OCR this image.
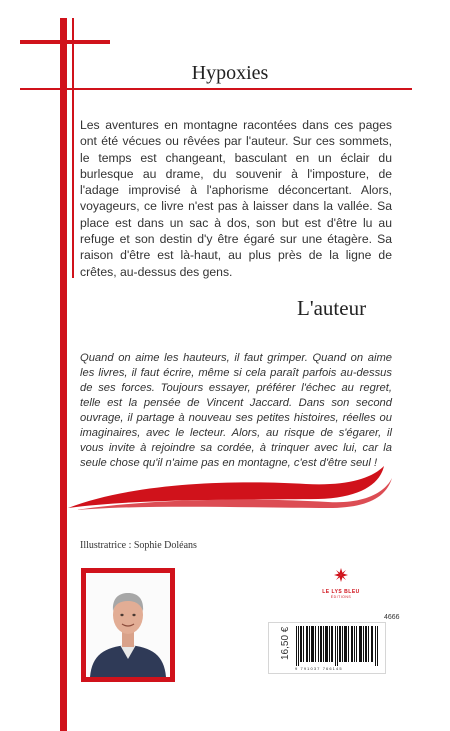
Hypoxies
Les aventures en montagne racontées dans ces pages ont été vécues ou rêvées par l'auteur. Sur ces sommets, le temps est changeant, basculant en un éclair du burlesque au drame, du souvenir à l'imposture, de l'adage improvisé à l'aphorisme déconcertant. Alors, voyageurs, ce livre n'est pas à laisser dans la vallée. Sa place est dans un sac à dos, son but est d'être lu au refuge et son destin d'y être égaré sur une étagère. Sa raison d'être est là-haut, au plus près de la ligne de crêtes, au-dessus des gens.
L'auteur
Quand on aime les hauteurs, il faut grimper. Quand on aime les livres, il faut écrire, même si cela paraît parfois au-dessus de ses forces. Toujours essayer, préférer l'échec au regret, telle est la pensée de Vincent Jaccard. Dans son second ouvrage, il partage à nouveau ses petites histoires, réelles ou imaginaires, avec le lecteur. Alors, au risque de s'égarer, il vous invite à rejoindre sa cordée, à trinquer avec lui, car la seule chose qu'il n'aime pas en montagne, c'est d'être seul !
Illustratrice : Sophie Doléans
LE LYS BLEU
ÉDITIONS
4666
16,50 €
9 791037 766145
